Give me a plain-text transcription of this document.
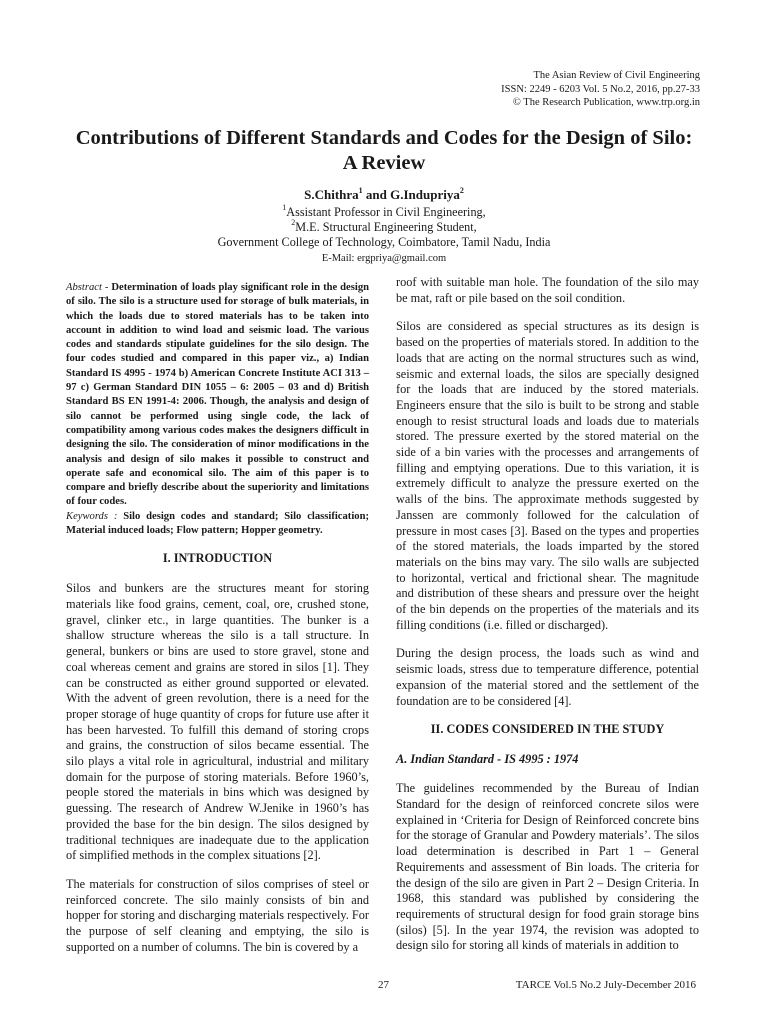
The Asian Review of Civil Engineering
ISSN: 2249 - 6203 Vol. 5 No.2, 2016, pp.27-33
© The Research Publication, www.trp.org.in
Contributions of Different Standards and Codes for the Design of Silo:
A Review
S.Chithra$^1$ and G.Indupriya$^2$
$^1$Assistant Professor in Civil Engineering,
$^2$M.E. Structural Engineering Student,
Government College of Technology, Coimbatore, Tamil Nadu, India
E-Mail: ergpriya@gmail.com

Abstract - Determination of loads play significant role in the design of silo. The silo is a structure used for storage of bulk materials, in which the loads due to stored materials has to be taken into account in addition to wind load and seismic load. The various codes and standards stipulate guidelines for the silo design. The four codes studied and compared in this paper viz., a) Indian Standard IS 4995 - 1974 b) American Concrete Institute ACI 313 – 97 c) German Standard DIN 1055 – 6: 2005 – 03 and d) British Standard BS EN 1991-4: 2006. Though, the analysis and design of silo cannot be performed using single code, the lack of compatibility among various codes makes the designers difficult in designing the silo. The consideration of minor modifications in the analysis and design of silo makes it possible to construct and operate safe and economical silo. The aim of this paper is to compare and briefly describe about the superiority and limitations of four codes.

Keywords : Silo design codes and standard; Silo classification; Material induced loads; Flow pattern; Hopper geometry.

I. INTRODUCTION

Silos and bunkers are the structures meant for storing materials like food grains, cement, coal, ore, crushed stone, gravel, clinker etc., in large quantities. The bunker is a shallow structure whereas the silo is a tall structure. In general, bunkers or bins are used to store gravel, stone and coal whereas cement and grains are stored in silos [1]. They can be constructed as either ground supported or elevated. With the advent of green revolution, there is a need for the proper storage of huge quantity of crops for future use after it has been harvested. To fulfill this demand of storing crops and grains, the construction of silos became essential. The silo plays a vital role in agricultural, industrial and military domain for the purpose of storing materials. Before 1960’s, people stored the materials in bins which was designed by guessing. The research of Andrew W.Jenike in 1960’s has provided the base for the bin design. The silos designed by traditional techniques are inadequate due to the application of simplified methods in the complex situations [2].

The materials for construction of silos comprises of steel or reinforced concrete. The silo mainly consists of bin and hopper for storing and discharging materials respectively. For the purpose of self cleaning and emptying, the silo is supported on a number of columns. The bin is covered by a

roof with suitable man hole. The foundation of the silo may be mat, raft or pile based on the soil condition.

Silos are considered as special structures as its design is based on the properties of materials stored. In addition to the loads that are acting on the normal structures such as wind, seismic and external loads, the silos are specially designed for the loads that are induced by the stored materials. Engineers ensure that the silo is built to be strong and stable enough to resist structural loads and loads due to materials stored. The pressure exerted by the stored material on the side of a bin varies with the processes and arrangements of filling and emptying operations. Due to this variation, it is extremely difficult to analyze the pressure exerted on the walls of the bins. The approximate methods suggested by Janssen are commonly followed for the calculation of pressure in most cases [3]. Based on the types and properties of the stored materials, the loads imparted by the stored materials on the bins may vary. The silo walls are subjected to horizontal, vertical and frictional shear. The magnitude and distribution of these shears and pressure over the height of the bin depends on the properties of the materials and its filling conditions (i.e. filled or discharged).

During the design process, the loads such as wind and seismic loads, stress due to temperature difference, potential expansion of the material stored and the settlement of the foundation are to be considered [4].

II. CODES CONSIDERED IN THE STUDY
A. Indian Standard - IS 4995 : 1974

The guidelines recommended by the Bureau of Indian Standard for the design of reinforced concrete silos were explained in ‘Criteria for Design of Reinforced concrete bins for the storage of Granular and Powdery materials’. The silos load determination is described in Part 1 – General Requirements and assessment of Bin loads. The criteria for the design of the silo are given in Part 2 – Design Criteria. In 1968, this standard was published by considering the requirements of structural design for food grain storage bins (silos) [5]. In the year 1974, the revision was adopted to design silo for storing all kinds of materials in addition to

27	TARCE Vol.5 No.2 July-December 2016
